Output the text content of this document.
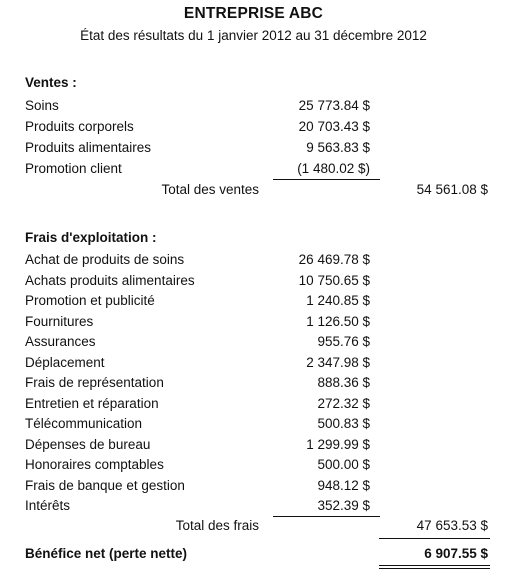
ENTREPRISE ABC
État des résultats du 1 janvier 2012 au 31 décembre 2012
Ventes :
Soins	25 773.84 $
Produits corporels	20 703.43 $
Produits alimentaires	9 563.83 $
Promotion client	(1 480.02 $)
Total des ventes	54 561.08 $
Frais d'exploitation :
Achat de produits de soins	26 469.78 $
Achats produits alimentaires	10 750.65 $
Promotion et publicité	1 240.85 $
Fournitures	1 126.50 $
Assurances	955.76 $
Déplacement	2 347.98 $
Frais de représentation	888.36 $
Entretien et réparation	272.32 $
Télécommunication	500.83 $
Dépenses de bureau	1 299.99 $
Honoraires comptables	500.00 $
Frais de banque et gestion	948.12 $
Intérêts	352.39 $
Total des frais	47 653.53 $
Bénéfice net (perte nette)	6 907.55 $
